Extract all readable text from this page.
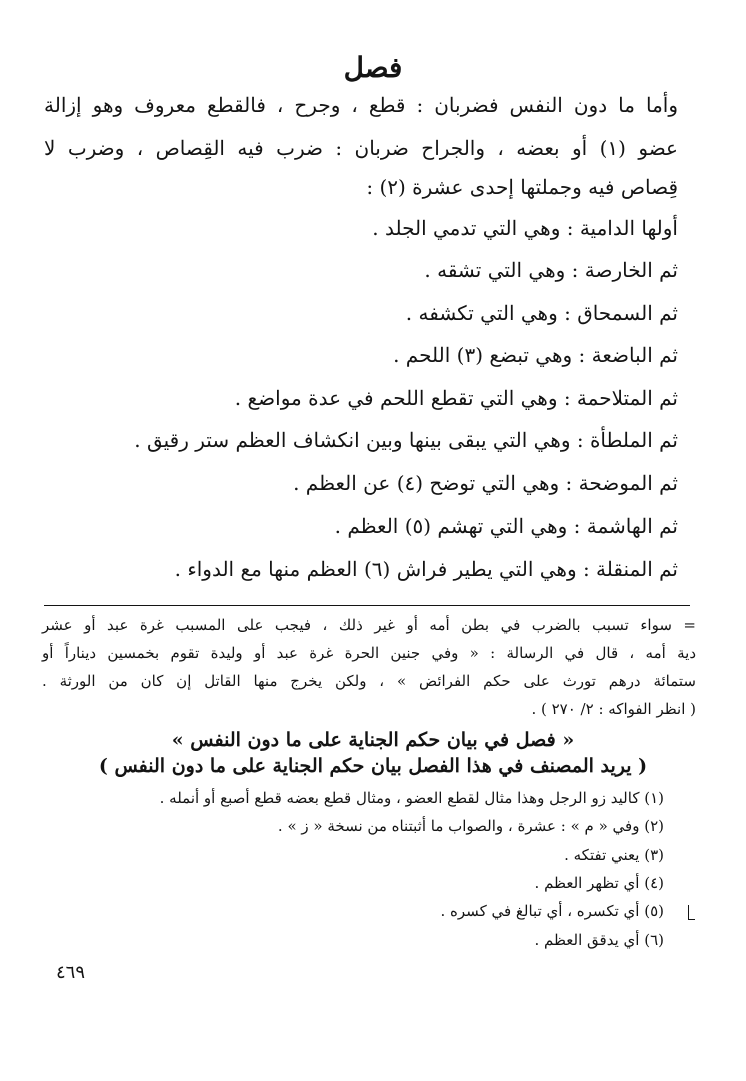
فصل
وأما ما دون النفس فضربان : قطع ، وجرح ، فالقطع معروف وهو إزالة
عضو (١) أو بعضه ، والجراح ضربان : ضرب فيه القِصاص ، وضرب لا
قِصاص فيه وجملتها إحدى عشرة (٢) :
أولها الدامية : وهي التي تدمي الجلد .
ثم الخارصة : وهي التي تشقه .
ثم السمحاق : وهي التي تكشفه .
ثم الباضعة : وهي تبضع (٣) اللحم .
ثم المتلاحمة : وهي التي تقطع اللحم في عدة مواضع .
ثم الملطأة : وهي التي يبقى بينها وبين انكشاف العظم ستر رقيق .
ثم الموضحة : وهي التي توضح (٤) عن العظم .
ثم الهاشمة : وهي التي تهشم (٥) العظم .
ثم المنقلة : وهي التي يطير فراش (٦) العظم منها مع الدواء .
= سواء تسبب بالضرب في بطن أمه أو غير ذلك ، فيجب على المسبب غرة عبد أو عشر
دية أمه ، قال في الرسالة : « وفي جنين الحرة غرة عبد أو وليدة تقوم بخمسين ديناراً أو
ستمائة درهم تورث على حكم الفرائض » ، ولكن يخرج منها القاتل إن كان من الورثة .
( انظر الفواكه : ٢/ ٢٧٠ ) .
« فصل في بيان حكم الجناية على ما دون النفس »
( يريد المصنف في هذا الفصل بيان حكم الجناية على ما دون النفس )
(١) كاليد زو الرجل وهذا مثال لقطع العضو ، ومثال قطع بعضه قطع أصبع أو أنمله .
(٢) وفي « م » : عشرة ، والصواب ما أثبتناه من نسخة « ز » .
(٣) يعني تفتكه .
(٤) أي تظهر العظم .
(٥) أي تكسره ، أي تبالغ في كسره .
(٦) أي يدقق العظم .
٤٦٩
